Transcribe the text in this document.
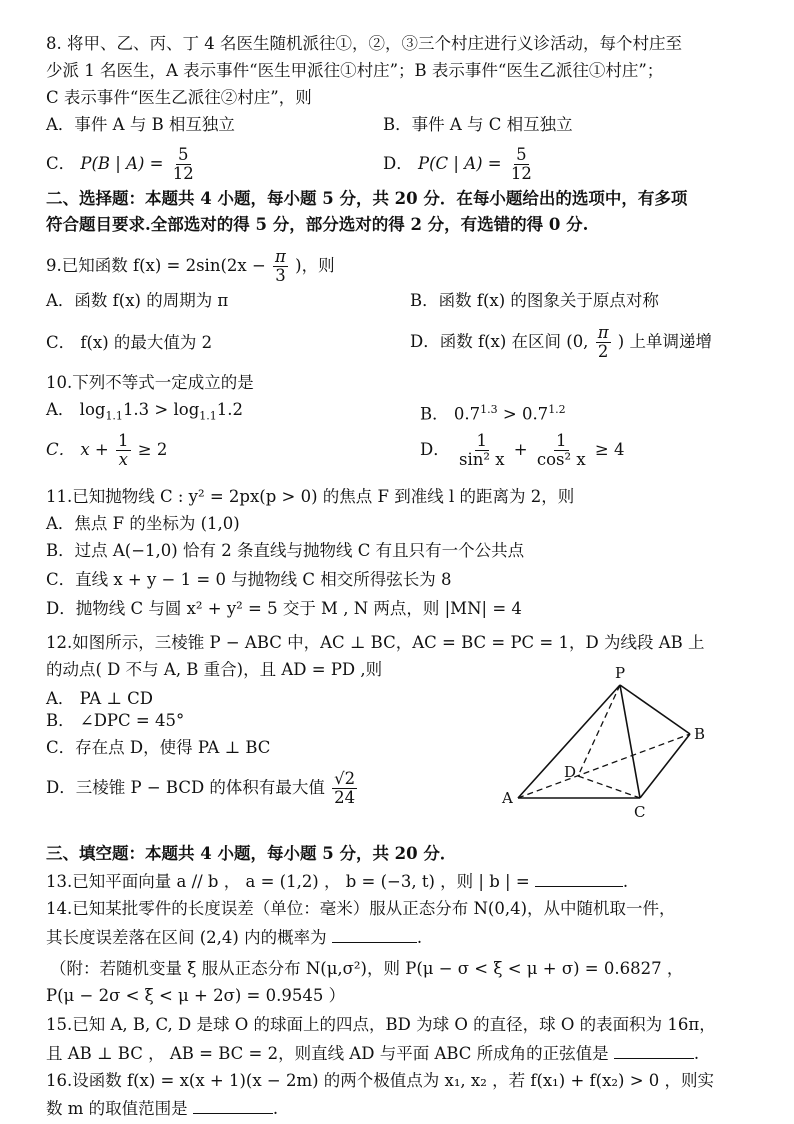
8. 将甲、乙、丙、丁 4 名医生随机派往①，②，③三个村庄进行义诊活动，每个村庄至
少派 1 名医生，A 表示事件“医生甲派往①村庄”；B 表示事件“医生乙派往①村庄”；
C 表示事件“医生乙派往②村庄”，则
A．事件 A 与 B 相互独立	B．事件 A 与 C 相互独立
C． P(B | $A) = \frac{5}{12}$	D． P(C | $A) = \frac{5}{12}$
二、选择题：本题共 4 小题，每小题 5 分，共 20 分．在每小题给出的选项中，有多项
符合题目要求.全部选对的得 5 分，部分选对的得 2 分，有选错的得 0 分.
9.已知函数 $f(x) = 2\sin(2x - \frac{\pi}{3}$ )，则
A．函数 f(x) 的周期为 π	B．函数 f(x) 的图象关于原点对称
C． f(x) 的最大值为 2	D．函数 f(x) 在区间 (0, $\frac{\pi}{2}$ ) 上单调递增
10.下列不等式一定成立的是
A． $\log_{1.1}1.3 > \log_{1.1}1.2$	B． $0.7^{1.3} > 0.7^{1.2}$
C． $x + \frac{1}{x} \ge 2$	D． $\frac{1}{\text{sin² x}} + \frac{1}{\text{cos² x}} \ge 4$
11.已知抛物线 C : y² = 2px(p > 0) 的焦点 F 到准线 l 的距离为 2，则
A．焦点 F 的坐标为 (1,0)
B．过点 A(−1,0) 恰有 2 条直线与抛物线 C 有且只有一个公共点
C．直线 x + y − 1 = 0 与抛物线 C 相交所得弦长为 8
D．抛物线 C 与圆 x² + y² = 5 交于 M , N 两点，则 |MN| = 4
12.如图所示，三棱锥 P − ABC 中，AC ⊥ BC，AC = BC = PC = 1，D 为线段 AB 上
的动点( D 不与 A, B 重合)，且 AD = PD ,则
A． PA ⊥ CD
B． ∠DPC = 45°
C．存在点 D，使得 PA ⊥ BC
D．三棱锥 P − BCD 的体积有最大值 $\frac{√2}{24}$
P
A
B
C
D
三、填空题：本题共 4 小题，每小题 5 分，共 20 分．
13.已知平面向量 a // b ， a = (1,2) ， b = (−3, t) ，则 | b | =	.
14.已知某批零件的长度误差（单位：毫米）服从正态分布 N(0,4)，从中随机取一件，
其长度误差落在区间 (2,4) 内的概率为	.
（附：若随机变量 ξ 服从正态分布 N(μ,σ²)，则 P(μ − σ < ξ < μ + σ) = 0.6827 ，
P(μ − 2σ < ξ < μ + 2σ) = 0.9545 ）
15.已知 A, B, C, D 是球 O 的球面上的四点，BD 为球 O 的直径，球 O 的表面积为 16π，
且 AB ⊥ BC ， AB = BC = 2，则直线 AD 与平面 ABC 所成角的正弦值是	.
16.设函数 f(x) = x(x + 1)(x − 2m) 的两个极值点为 x₁, x₂ ，若 f(x₁) + f(x₂) > 0 ，则实
数 m 的取值范围是	.
